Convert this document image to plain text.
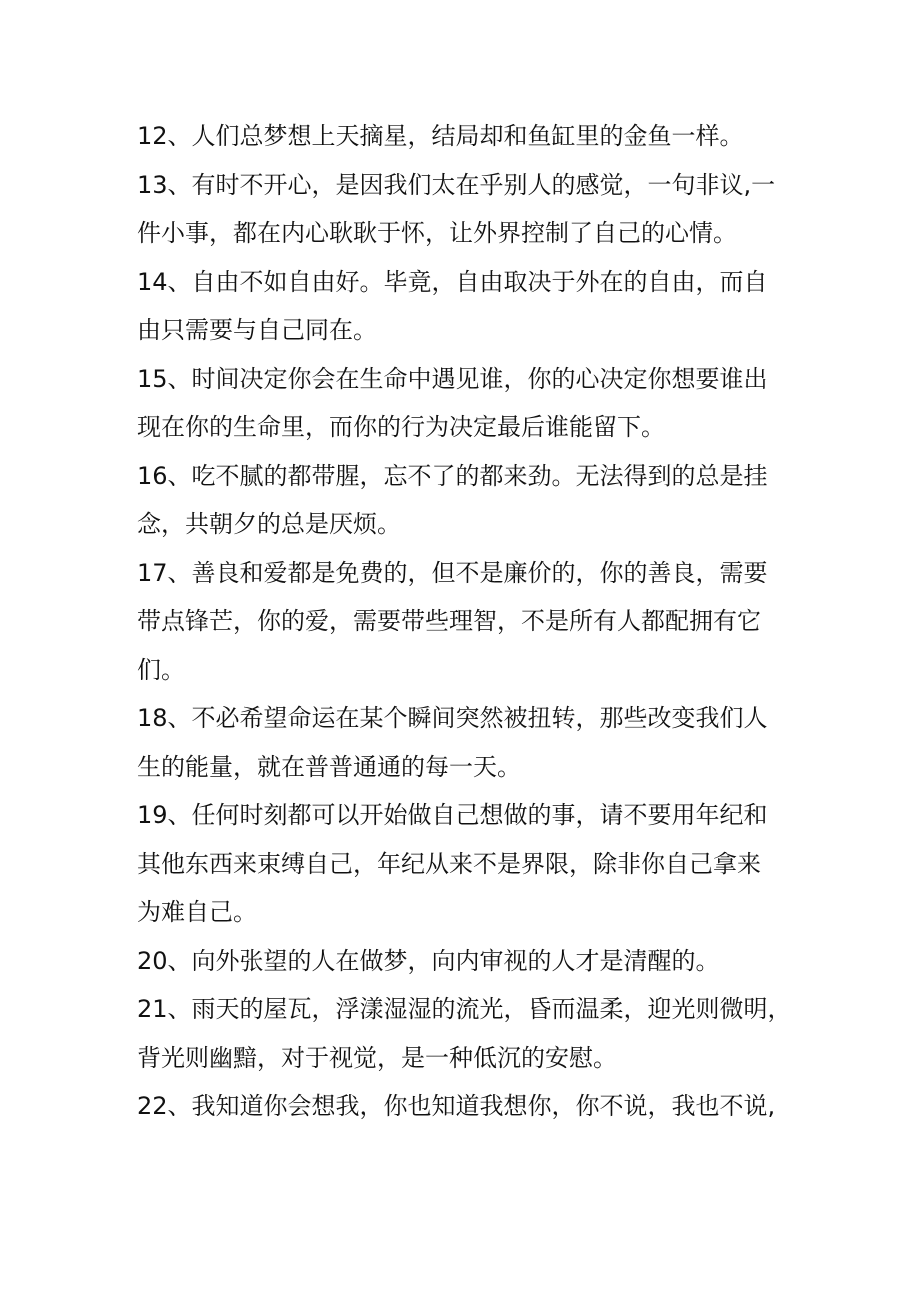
12、人们总梦想上天摘星，结局却和鱼缸里的金鱼一样。
13、有时不开心，是因我们太在乎别人的感觉，一句非议,一
件小事，都在内心耿耿于怀，让外界控制了自己的心情。
14、自由不如自由好。毕竟，自由取决于外在的自由，而自
由只需要与自己同在。
15、时间决定你会在生命中遇见谁，你的心决定你想要谁出
现在你的生命里，而你的行为决定最后谁能留下。
16、吃不腻的都带腥，忘不了的都来劲。无法得到的总是挂
念，共朝夕的总是厌烦。
17、善良和爱都是免费的，但不是廉价的，你的善良，需要
带点锋芒，你的爱，需要带些理智，不是所有人都配拥有它
们。
18、不必希望命运在某个瞬间突然被扭转，那些改变我们人
生的能量，就在普普通通的每一天。
19、任何时刻都可以开始做自己想做的事，请不要用年纪和
其他东西来束缚自己，年纪从来不是界限，除非你自己拿来
为难自己。
20、向外张望的人在做梦，向内审视的人才是清醒的。
21、雨天的屋瓦，浮漾湿湿的流光，昏而温柔，迎光则微明，
背光则幽黯，对于视觉，是一种低沉的安慰。
22、我知道你会想我，你也知道我想你，你不说，我也不说,
